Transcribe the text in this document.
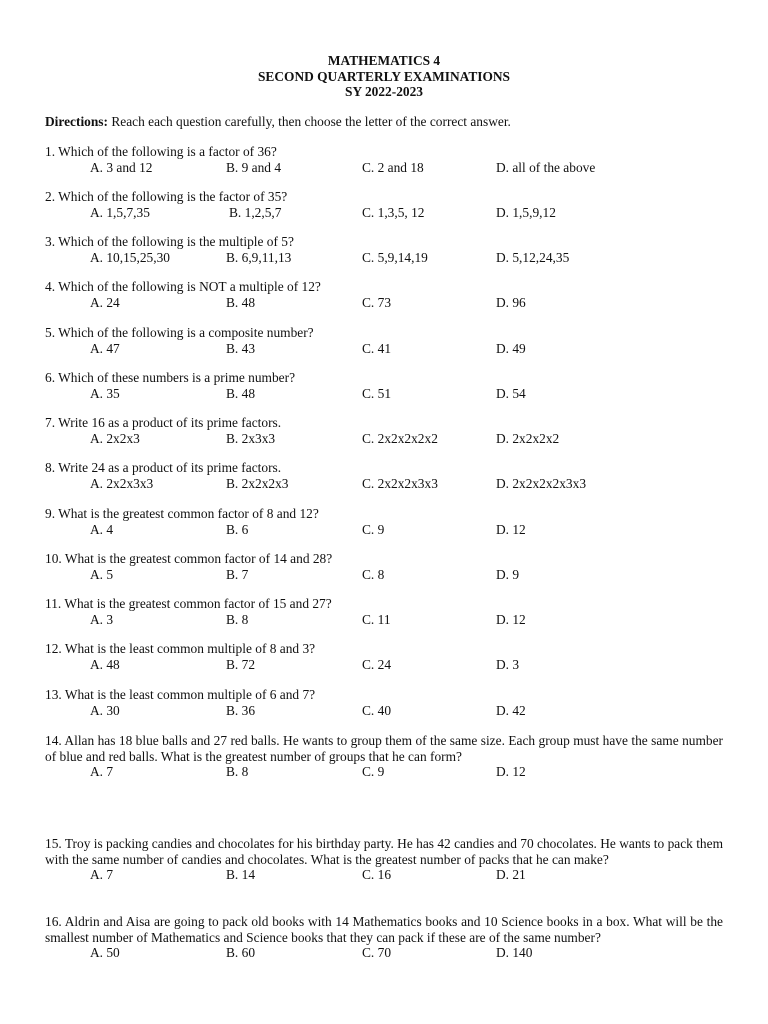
MATHEMATICS 4
SECOND QUARTERLY EXAMINATIONS
SY 2022-2023
Directions: Reach each question carefully, then choose the letter of the correct answer.
1. Which of the following is a factor of 36?
A. 3 and 12	B. 9 and 4	C. 2 and 18	D. all of the above
2. Which of the following is the factor of 35?
A. 1,5,7,35	B. 1,2,5,7	C. 1,3,5, 12	D. 1,5,9,12
3. Which of the following is the multiple of 5?
A. 10,15,25,30	B. 6,9,11,13	C. 5,9,14,19	D. 5,12,24,35
4. Which of the following is NOT a multiple of 12?
A. 24	B. 48	C. 73	D. 96
5. Which of the following is a composite number?
A. 47	B. 43	C. 41	D. 49
6. Which of these numbers is a prime number?
A. 35	B. 48	C. 51	D. 54
7. Write 16 as a product of its prime factors.
A. 2x2x3	B. 2x3x3	C. 2x2x2x2x2	D. 2x2x2x2
8. Write 24 as a product of its prime factors.
A. 2x2x3x3	B. 2x2x2x3	C. 2x2x2x3x3	D. 2x2x2x2x3x3
9. What is the greatest common factor of 8 and 12?
A. 4	B. 6	C. 9	D. 12
10. What is the greatest common factor of 14 and 28?
A. 5	B. 7	C. 8	D. 9
11. What is the greatest common factor of 15 and 27?
A. 3	B. 8	C. 11	D. 12
12. What is the least common multiple of 8 and 3?
A. 48	B. 72	C. 24	D. 3
13. What is the least common multiple of 6 and 7?
A. 30	B. 36	C. 40	D. 42
14. Allan has 18 blue balls and 27 red balls. He wants to group them of the same size. Each group must have the same number of blue and red balls. What is the greatest number of groups that he can form?
A. 7	B. 8	C. 9	D. 12
15. Troy is packing candies and chocolates for his birthday party. He has 42 candies and 70 chocolates. He wants to pack them with the same number of candies and chocolates. What is the greatest number of packs that he can make?
A. 7	B. 14	C. 16	D. 21
16. Aldrin and Aisa are going to pack old books with 14 Mathematics books and 10 Science books in a box. What will be the smallest number of Mathematics and Science books that they can pack if these are of the same number?
A. 50	B. 60	C. 70	D. 140
